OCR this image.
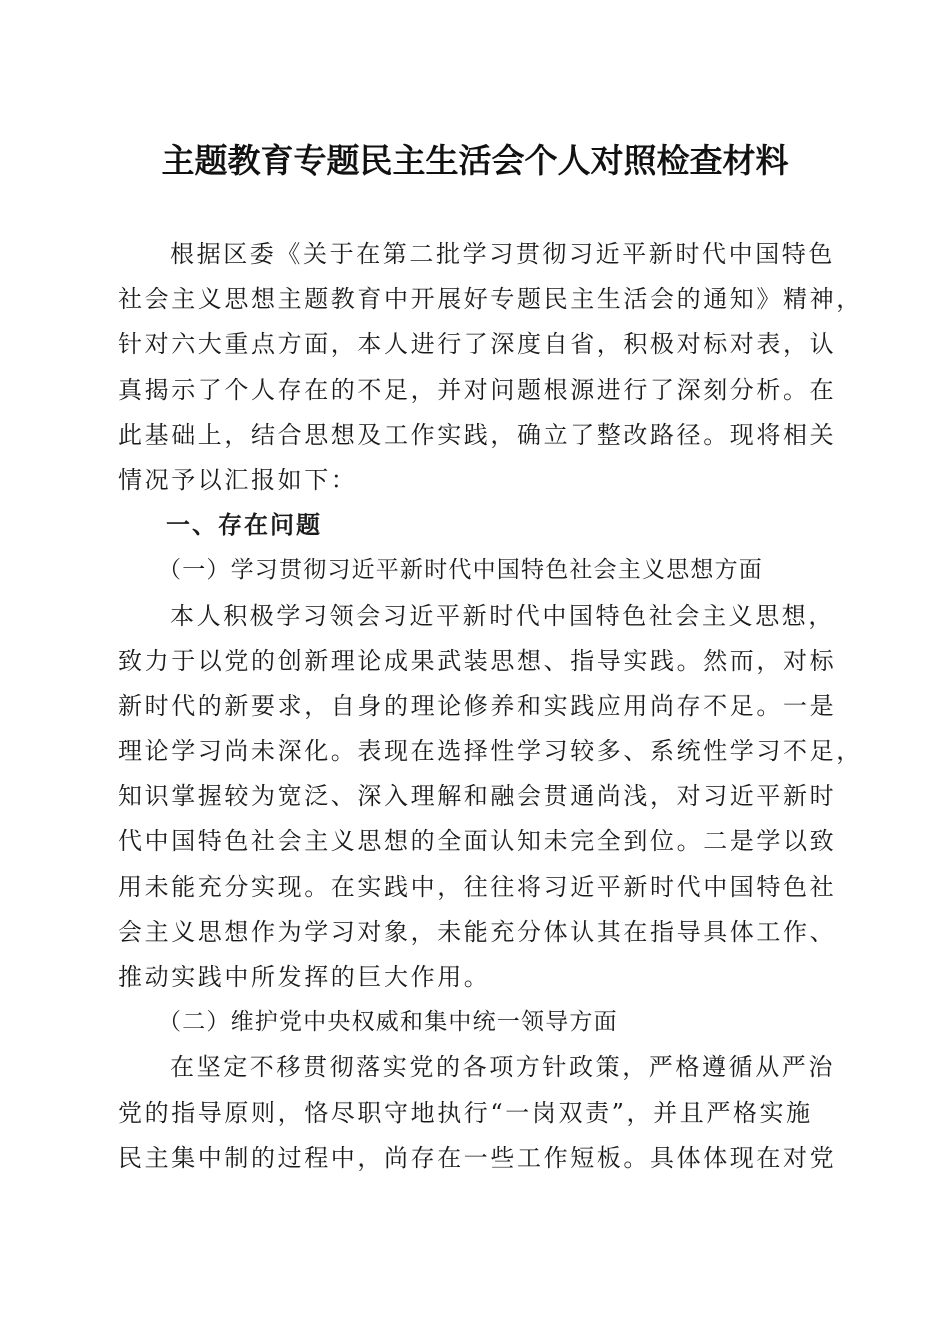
主题教育专题民主生活会个人对照检查材料
根据区委《关于在第二批学习贯彻习近平新时代中国特色
社会主义思想主题教育中开展好专题民主生活会的通知》精神，
针对六大重点方面，本人进行了深度自省，积极对标对表，认
真揭示了个人存在的不足，并对问题根源进行了深刻分析。在
此基础上，结合思想及工作实践，确立了整改路径。现将相关
情况予以汇报如下：
一、存在问题
（一）学习贯彻习近平新时代中国特色社会主义思想方面
本人积极学习领会习近平新时代中国特色社会主义思想，
致力于以党的创新理论成果武装思想、指导实践。然而，对标
新时代的新要求，自身的理论修养和实践应用尚存不足。一是
理论学习尚未深化。表现在选择性学习较多、系统性学习不足，
知识掌握较为宽泛、深入理解和融会贯通尚浅，对习近平新时
代中国特色社会主义思想的全面认知未完全到位。二是学以致
用未能充分实现。在实践中，往往将习近平新时代中国特色社
会主义思想作为学习对象，未能充分体认其在指导具体工作、
推动实践中所发挥的巨大作用。
（二）维护党中央权威和集中统一领导方面
在坚定不移贯彻落实党的各项方针政策，严格遵循从严治
党的指导原则，恪尽职守地执行“一岗双责”，并且严格实施
民主集中制的过程中，尚存在一些工作短板。具体体现在对党
